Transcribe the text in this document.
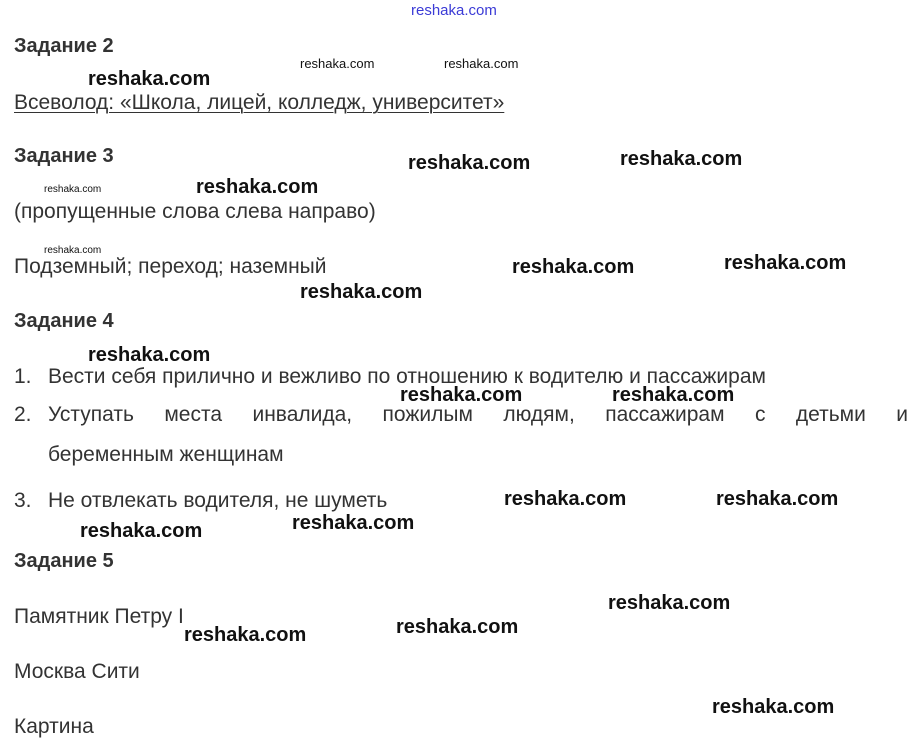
reshaka.com
Задание 2
Всеволод: «Школа, лицей, колледж, университет»
Задание 3
(пропущенные слова слева направо)
Подземный; переход; наземный
Задание 4
1. Вести себя прилично и вежливо по отношению к водителю и пассажирам
2. Уступать места инвалида, пожилым людям, пассажирам с детьми и
беременным женщинам
3. Не отвлекать водителя, не шуметь
Задание 5
Памятник Петру I
Москва Сити
Картина
reshaka.com
reshaka.com	reshaka.com
reshaka.com	reshaka.com
reshaka.com	reshaka.com
reshaka.com
reshaka.com	reshaka.com
reshaka.com
reshaka.com
reshaka.com	reshaka.com
reshaka.com	reshaka.com
reshaka.com
reshaka.com
reshaka.com
reshaka.com
reshaka.com
reshaka.com
